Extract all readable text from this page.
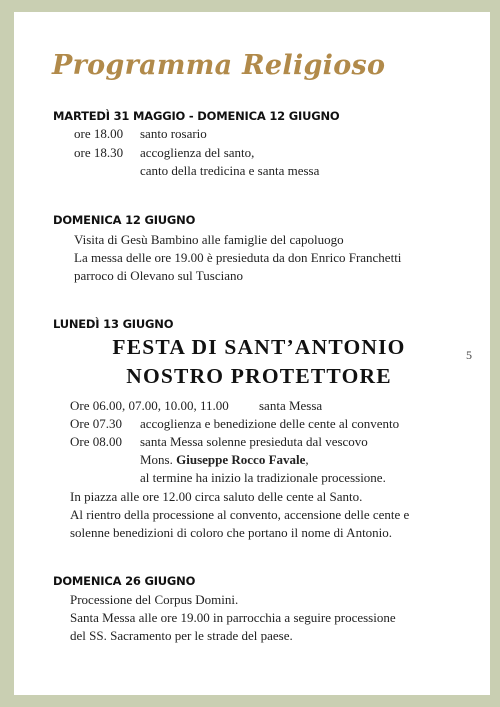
Programma Religioso
MARTEDÌ 31 MAGGIO - DOMENICA 12 GIUGNO
ore 18.00 santo rosario
ore 18.30 accoglienza del santo,
canto della tredicina e santa messa
DOMENICA 12 GIUGNO
Visita di Gesù Bambino alle famiglie del capoluogo
La messa delle ore 19.00 è presieduta da don Enrico Franchetti
parroco di Olevano sul Tusciano
LUNEDÌ 13 GIUGNO
FESTA DI SANT’ANTONIO
NOSTRO PROTETTORE
5
Ore 06.00, 07.00, 10.00, 11.00 santa Messa
Ore 07.30 accoglienza e benedizione delle cente al convento
Ore 08.00 santa Messa solenne presieduta dal vescovo
Mons. Giuseppe Rocco Favale,
al termine ha inizio la tradizionale processione.
In piazza alle ore 12.00 circa saluto delle cente al Santo.
Al rientro della processione al convento, accensione delle cente e
solenne benedizioni di coloro che portano il nome di Antonio.
DOMENICA 26 GIUGNO
Processione del Corpus Domini.
Santa Messa alle ore 19.00 in parrocchia a seguire processione
del SS. Sacramento per le strade del paese.
